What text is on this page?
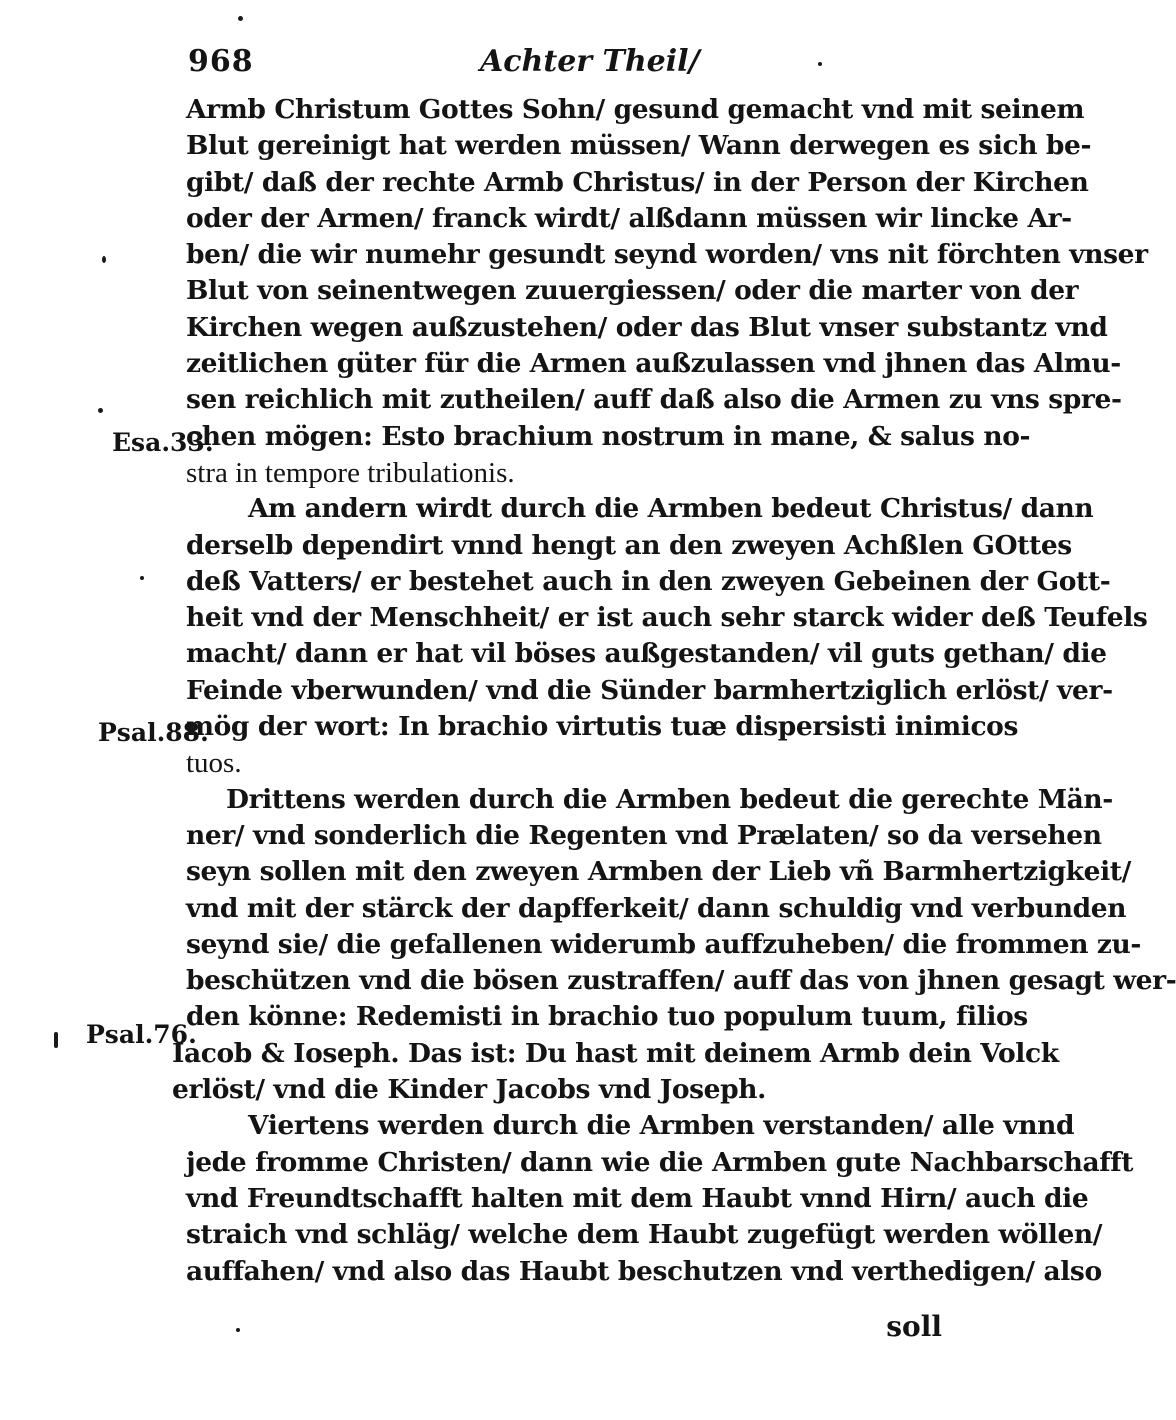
968	Achter Theil/
Armb Christum Gottes Sohn/ gesund gemacht vnd mit seinem
Blut gereinigt hat werden müssen/ Wann derwegen es sich be-
gibt/ daß der rechte Armb Christus/ in der Person der Kirchen
oder der Armen/ franck wirdt/ alßdann müssen wir lincke Ar-
ben/ die wir numehr gesundt seynd worden/ vns nit förchten vnser
Blut von seinentwegen zuuergiessen/ oder die marter von der
Kirchen wegen außzustehen/ oder das Blut vnser substantz vnd
zeitlichen güter für die Armen außzulassen vnd jhnen das Almu-
sen reichlich mit zutheilen/ auff daß also die Armen zu vns spre-
chen mögen: Esto brachium nostrum in mane, & salus no-
stra in tempore tribulationis.
Am andern wirdt durch die Armben bedeut Christus/ dann
derselb dependirt vnnd hengt an den zweyen Achßlen GOttes
deß Vatters/ er bestehet auch in den zweyen Gebeinen der Gott-
heit vnd der Menschheit/ er ist auch sehr starck wider deß Teufels
macht/ dann er hat vil böses außgestanden/ vil guts gethan/ die
Feinde vberwunden/ vnd die Sünder barmhertziglich erlöst/ ver-
mög der wort: In brachio virtutis tuæ dispersisti inimicos
tuos.
Drittens werden durch die Armben bedeut die gerechte Män-
ner/ vnd sonderlich die Regenten vnd Prælaten/ so da versehen
seyn sollen mit den zweyen Armben der Lieb vñ Barmhertzigkeit/
vnd mit der stärck der dapfferkeit/ dann schuldig vnd verbunden
seynd sie/ die gefallenen widerumb auffzuheben/ die frommen zu-
beschützen vnd die bösen zustraffen/ auff das von jhnen gesagt wer-
den könne: Redemisti in brachio tuo populum tuum, filios
Iacob & Ioseph. Das ist: Du hast mit deinem Armb dein Volck
erlöst/ vnd die Kinder Jacobs vnd Joseph.
Viertens werden durch die Armben verstanden/ alle vnnd
jede fromme Christen/ dann wie die Armben gute Nachbarschafft
vnd Freundtschafft halten mit dem Haubt vnnd Hirn/ auch die
straich vnd schläg/ welche dem Haubt zugefügt werden wöllen/
auffahen/ vnd also das Haubt beschutzen vnd verthedigen/ also
Esa.33.
Psal.88.
Psal.76.
soll
